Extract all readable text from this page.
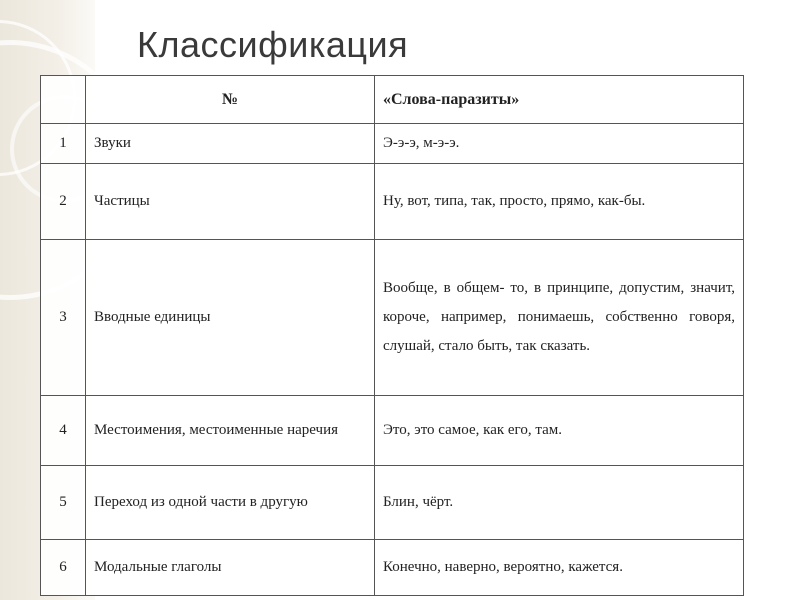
Классификация
	№	«Слова-паразиты»
1	Звуки	Э-э-э, м-э-э.
2	Частицы	Ну, вот, типа, так, просто, прямо, как-бы.
3	Вводные единицы	Вообще, в общем- то, в принципе, допустим, значит, короче, например, понимаешь, собственно говоря, слушай, стало быть, так сказать.
4	Местоимения, местоименные наречия	Это, это самое, как его, там.
5	Переход из одной части в другую	Блин, чёрт.
6	Модальные глаголы	Конечно, наверно, вероятно, кажется.
